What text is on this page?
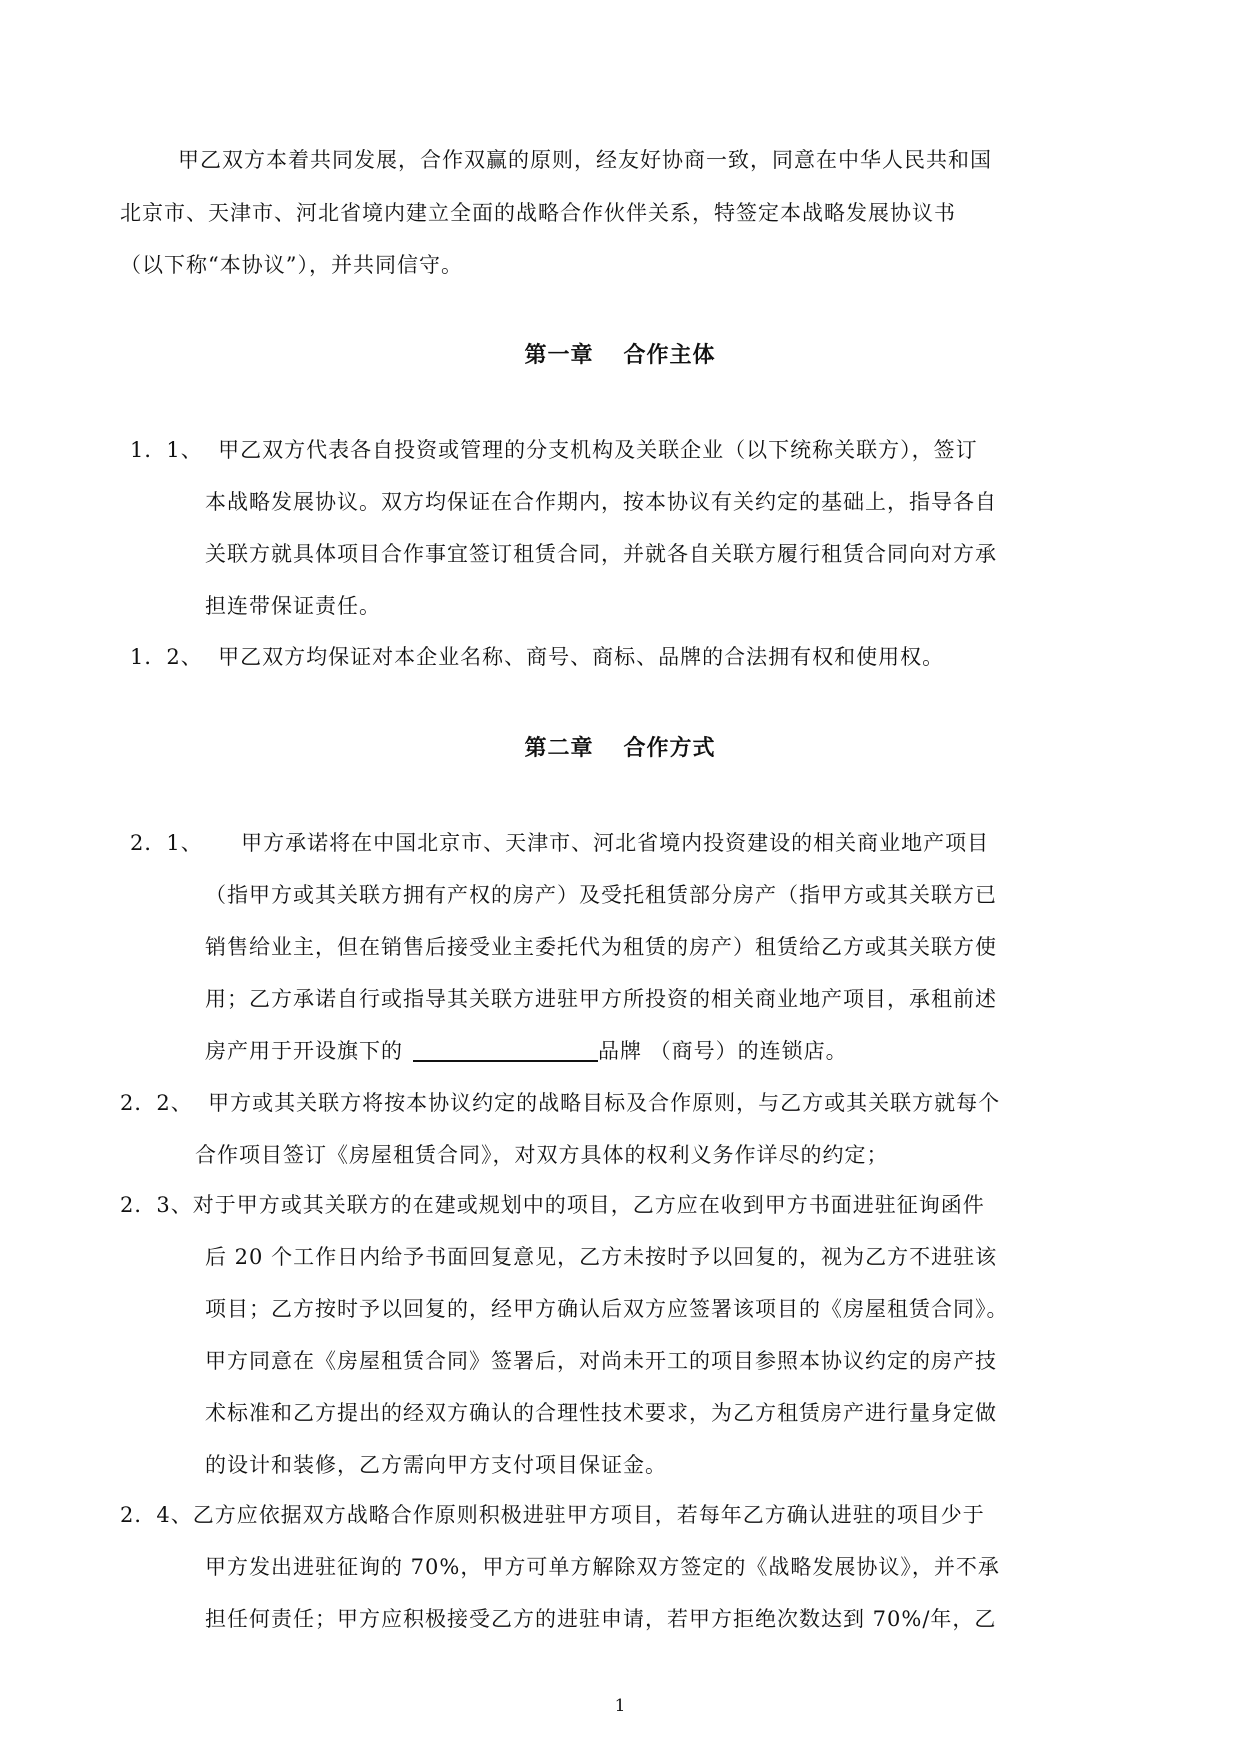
甲乙双方本着共同发展，合作双赢的原则，经友好协商一致，同意在中华人民共和国
北京市、天津市、河北省境内建立全面的战略合作伙伴关系，特签定本战略发展协议书
（以下称“本协议”），并共同信守。
第一章 合作主体
1．1、 甲乙双方代表各自投资或管理的分支机构及关联企业（以下统称关联方），签订
本战略发展协议。双方均保证在合作期内，按本协议有关约定的基础上，指导各自
关联方就具体项目合作事宜签订租赁合同，并就各自关联方履行租赁合同向对方承
担连带保证责任。
1．2、 甲乙双方均保证对本企业名称、商号、商标、品牌的合法拥有权和使用权。
第二章 合作方式
2．1、 甲方承诺将在中国北京市、天津市、河北省境内投资建设的相关商业地产项目
（指甲方或其关联方拥有产权的房产）及受托租赁部分房产（指甲方或其关联方已
销售给业主，但在销售后接受业主委托代为租赁的房产）租赁给乙方或其关联方使
用；乙方承诺自行或指导其关联方进驻甲方所投资的相关商业地产项目，承租前述
房产用于开设旗下的	品牌 （商号）的连锁店。
2．2、 甲方或其关联方将按本协议约定的战略目标及合作原则，与乙方或其关联方就每个
合作项目签订《房屋租赁合同》，对双方具体的权利义务作详尽的约定；
2．3、对于甲方或其关联方的在建或规划中的项目，乙方应在收到甲方书面进驻征询函件
后 20 个工作日内给予书面回复意见，乙方未按时予以回复的，视为乙方不进驻该
项目；乙方按时予以回复的，经甲方确认后双方应签署该项目的《房屋租赁合同》。
甲方同意在《房屋租赁合同》签署后，对尚未开工的项目参照本协议约定的房产技
术标准和乙方提出的经双方确认的合理性技术要求，为乙方租赁房产进行量身定做
的设计和装修，乙方需向甲方支付项目保证金。
2．4、乙方应依据双方战略合作原则积极进驻甲方项目，若每年乙方确认进驻的项目少于
甲方发出进驻征询的 70%，甲方可单方解除双方签定的《战略发展协议》，并不承
担任何责任；甲方应积极接受乙方的进驻申请，若甲方拒绝次数达到 70%/年，乙
1
